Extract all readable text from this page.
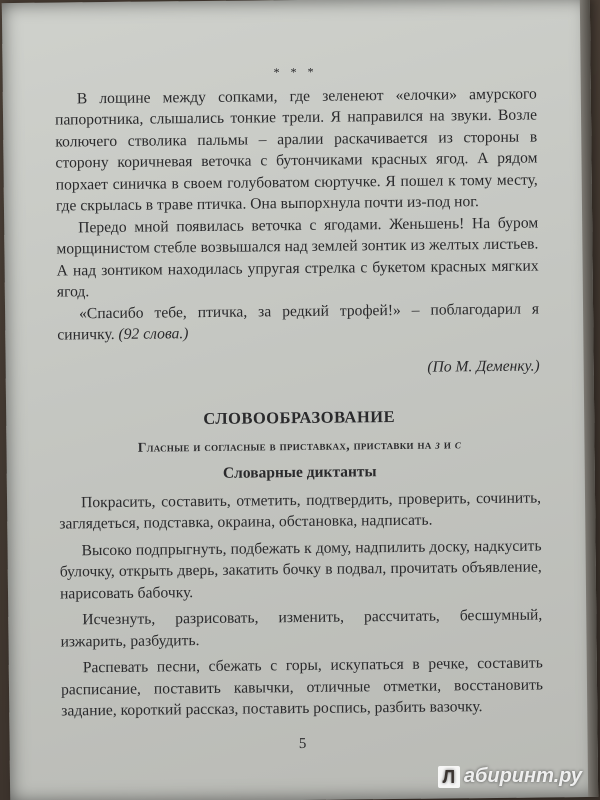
* * *

В лощине между сопками, где зеленеют «елочки» амурского папоротника, слышались тонкие трели. Я направился на звуки. Возле колючего стволика пальмы – аралии раскачивается из стороны в сторону коричневая веточка с бутончиками красных ягод. А рядом порхает синичка в своем голубоватом сюртучке. Я пошел к тому месту, где скрылась в траве птичка. Она выпорхнула почти из-под ног.

Передо мной появилась веточка с ягодами. Женьшень! На буром морщинистом стебле возвышался над землей зонтик из желтых листьев. А над зонтиком находилась упругая стрелка с букетом красных мягких ягод.

«Спасибо тебе, птичка, за редкий трофей!» – поблагодарил я синичку. (92 слова.)

(По М. Деменку.)

СЛОВООБРАЗОВАНИЕ
Гласные и согласные в приставках, приставки на з и с
Словарные диктанты

Покрасить, составить, отметить, подтвердить, проверить, сочинить, заглядеться, подставка, окраина, обстановка, надписать.

Высоко подпрыгнуть, подбежать к дому, надпилить доску, надкусить булочку, открыть дверь, закатить бочку в подвал, прочитать объявление, нарисовать бабочку.

Исчезнуть, разрисовать, изменить, рассчитать, бесшумный, изжарить, разбудить.

Распевать песни, сбежать с горы, искупаться в речке, составить расписание, поставить кавычки, отличные отметки, восстановить задание, короткий рассказ, поставить роспись, разбить вазочку.

5
Л абиринт.ру
